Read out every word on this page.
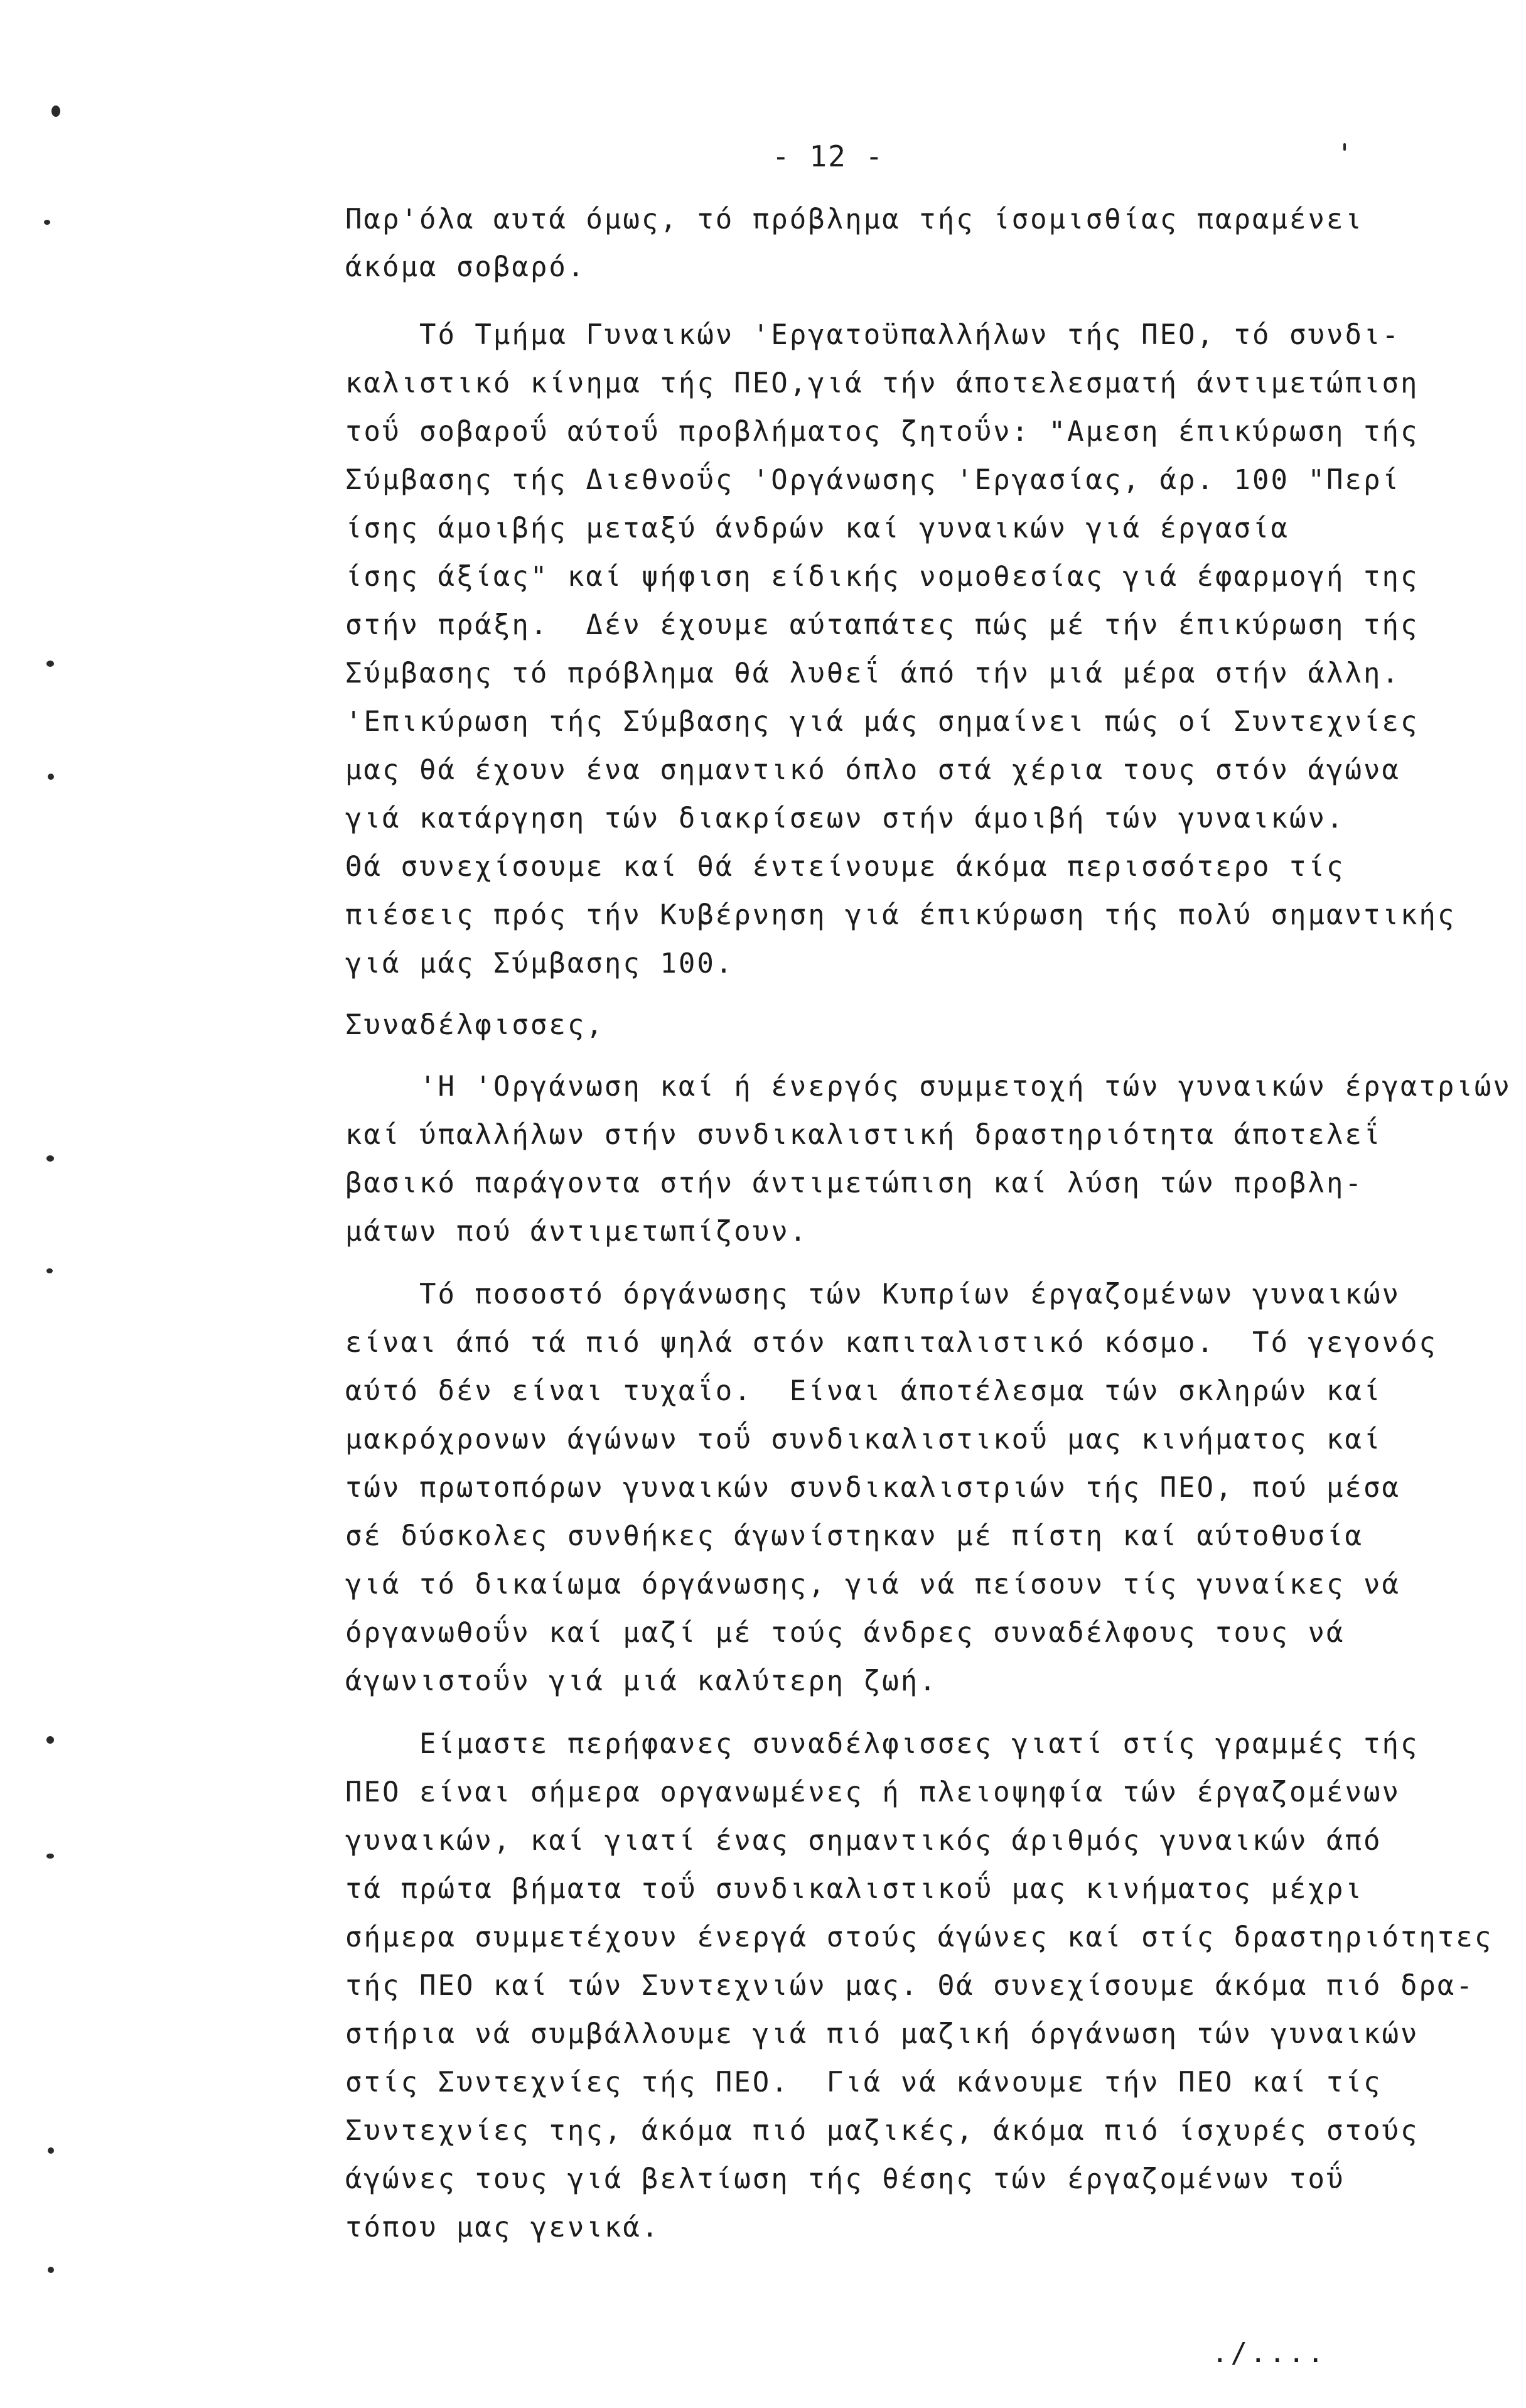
- 12 -
Παρ'όλα αυτά όμως, τό πρόβλημα τής ίσομισθίας παραμένει
άκόμα σοβαρό.
Τό Τμήμα Γυναικών 'Εργατοϋπαλλήλων τής ΠΕΟ, τό συνδι-
καλιστικό κίνημα τής ΠΕΟ,γιά τήν άποτελεσματή άντιμετώπιση
τοΰ σοβαροΰ αύτοΰ προβλήματος ζητοΰν: "Αμεση έπικύρωση τής
Σύμβασης τής Διεθνοΰς 'Οργάνωσης 'Εργασίας, άρ. 100 "Περί
ίσης άμοιβής μεταξύ άνδρών καί γυναικών γιά έργασία
ίσης άξίας" καί ψήφιση είδικής νομοθεσίας γιά έφαρμογή της
στήν πράξη.  Δέν έχουμε αύταπάτες πώς μέ τήν έπικύρωση τής
Σύμβασης τό πρόβλημα θά λυθεΐ άπό τήν μιά μέρα στήν άλλη.
'Επικύρωση τής Σύμβασης γιά μάς σημαίνει πώς οί Συντεχνίες
μας θά έχουν ένα σημαντικό όπλο στά χέρια τους στόν άγώνα
γιά κατάργηση τών διακρίσεων στήν άμοιβή τών γυναικών.
Θά συνεχίσουμε καί θά έντείνουμε άκόμα περισσότερο τίς
πιέσεις πρός τήν Κυβέρνηση γιά έπικύρωση τής πολύ σημαντικής
γιά μάς Σύμβασης 100.
Συναδέλφισσες,
'Η 'Οργάνωση καί ή ένεργός συμμετοχή τών γυναικών έργατριών
καί ύπαλλήλων στήν συνδικαλιστική δραστηριότητα άποτελεΐ
βασικό παράγοντα στήν άντιμετώπιση καί λύση τών προβλη-
μάτων πού άντιμετωπίζουν.
Τό ποσοστό όργάνωσης τών Κυπρίων έργαζομένων γυναικών
είναι άπό τά πιό ψηλά στόν καπιταλιστικό κόσμο.  Τό γεγονός
αύτό δέν είναι τυχαΐο.  Είναι άποτέλεσμα τών σκληρών καί
μακρόχρονων άγώνων τοΰ συνδικαλιστικοΰ μας κινήματος καί
τών πρωτοπόρων γυναικών συνδικαλιστριών τής ΠΕΟ, πού μέσα
σέ δύσκολες συνθήκες άγωνίστηκαν μέ πίστη καί αύτοθυσία
γιά τό δικαίωμα όργάνωσης, γιά νά πείσουν τίς γυναίκες νά
όργανωθοΰν καί μαζί μέ τούς άνδρες συναδέλφους τους νά
άγωνιστοΰν γιά μιά καλύτερη ζωή.
Είμαστε περήφανες συναδέλφισσες γιατί στίς γραμμές τής
ΠΕΟ είναι σήμερα οργανωμένες ή πλειοψηφία τών έργαζομένων
γυναικών, καί γιατί ένας σημαντικός άριθμός γυναικών άπό
τά πρώτα βήματα τοΰ συνδικαλιστικοΰ μας κινήματος μέχρι
σήμερα συμμετέχουν ένεργά στούς άγώνες καί στίς δραστηριότητες
τής ΠΕΟ καί τών Συντεχνιών μας. Θά συνεχίσουμε άκόμα πιό δρα-
στήρια νά συμβάλλουμε γιά πιό μαζική όργάνωση τών γυναικών
στίς Συντεχνίες τής ΠΕΟ.  Γιά νά κάνουμε τήν ΠΕΟ καί τίς
Συντεχνίες της, άκόμα πιό μαζικές, άκόμα πιό ίσχυρές στούς
άγώνες τους γιά βελτίωση τής θέσης τών έργαζομένων τοΰ
τόπου μας γενικά.
./....
